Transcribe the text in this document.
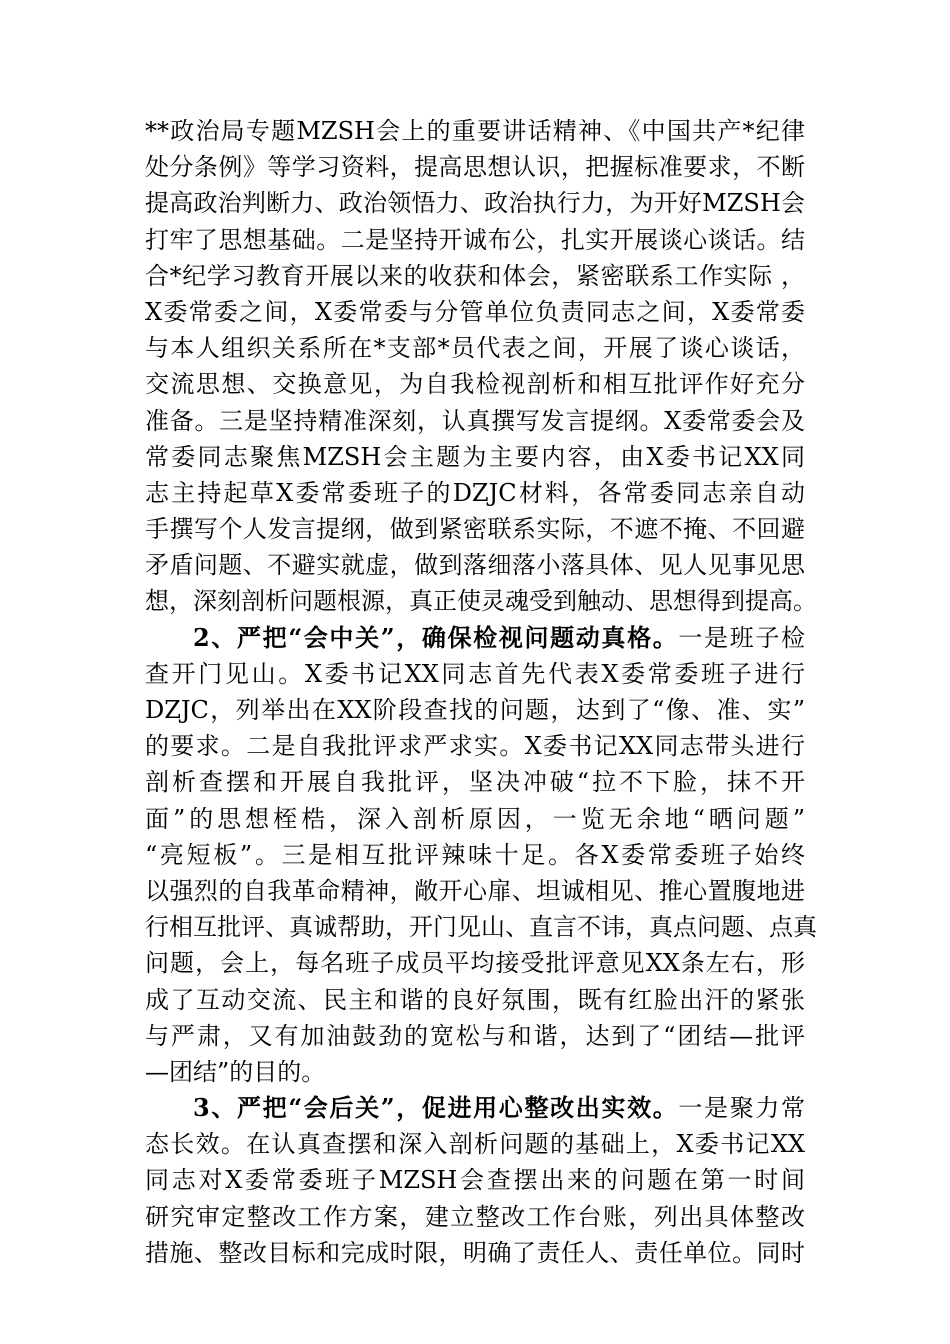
**政治局专题MZSH会上的重要讲话精神、《中国共产*纪律
处分条例》等学习资料，提高思想认识，把握标准要求，不断
提高政治判断力、政治领悟力、政治执行力，为开好MZSH会
打牢了思想基础。二是坚持开诚布公，扎实开展谈心谈话。结
合*纪学习教育开展以来的收获和体会，紧密联系工作实际 ，
X委常委之间，X委常委与分管单位负责同志之间，X委常委
与本人组织关系所在*支部*员代表之间，开展了谈心谈话，
交流思想、交换意见，为自我检视剖析和相互批评作好充分
准备。三是坚持精准深刻，认真撰写发言提纲。X委常委会及
常委同志聚焦MZSH会主题为主要内容，由X委书记XX同
志主持起草X委常委班子的DZJC材料，各常委同志亲自动
手撰写个人发言提纲，做到紧密联系实际，不遮不掩、不回避
矛盾问题、不避实就虚，做到落细落小落具体、见人见事见思
想，深刻剖析问题根源，真正使灵魂受到触动、思想得到提高。
2、严把“会中关”，确保检视问题动真格。一是班子检
查开门见山。X委书记XX同志首先代表X委常委班子进行
DZJC，列举出在XX阶段查找的问题，达到了“像、准、实”
的要求。二是自我批评求严求实。X委书记XX同志带头进行
剖析查摆和开展自我批评，坚决冲破“拉不下脸，抹不开
面”的思想桎梏，深入剖析原因，一览无余地“晒问题”
“亮短板”。三是相互批评辣味十足。各X委常委班子始终
以强烈的自我革命精神，敞开心扉、坦诚相见、推心置腹地进
行相互批评、真诚帮助，开门见山、直言不讳，真点问题、点真
问题，会上，每名班子成员平均接受批评意见XX条左右，形
成了互动交流、民主和谐的良好氛围，既有红脸出汗的紧张
与严肃，又有加油鼓劲的宽松与和谐，达到了“团结—批评
—团结”的目的。
3、严把“会后关”，促进用心整改出实效。一是聚力常
态长效。在认真查摆和深入剖析问题的基础上，X委书记XX
同志对X委常委班子MZSH会查摆出来的问题在第一时间
研究审定整改工作方案，建立整改工作台账，列出具体整改
措施、整改目标和完成时限，明确了责任人、责任单位。同时
